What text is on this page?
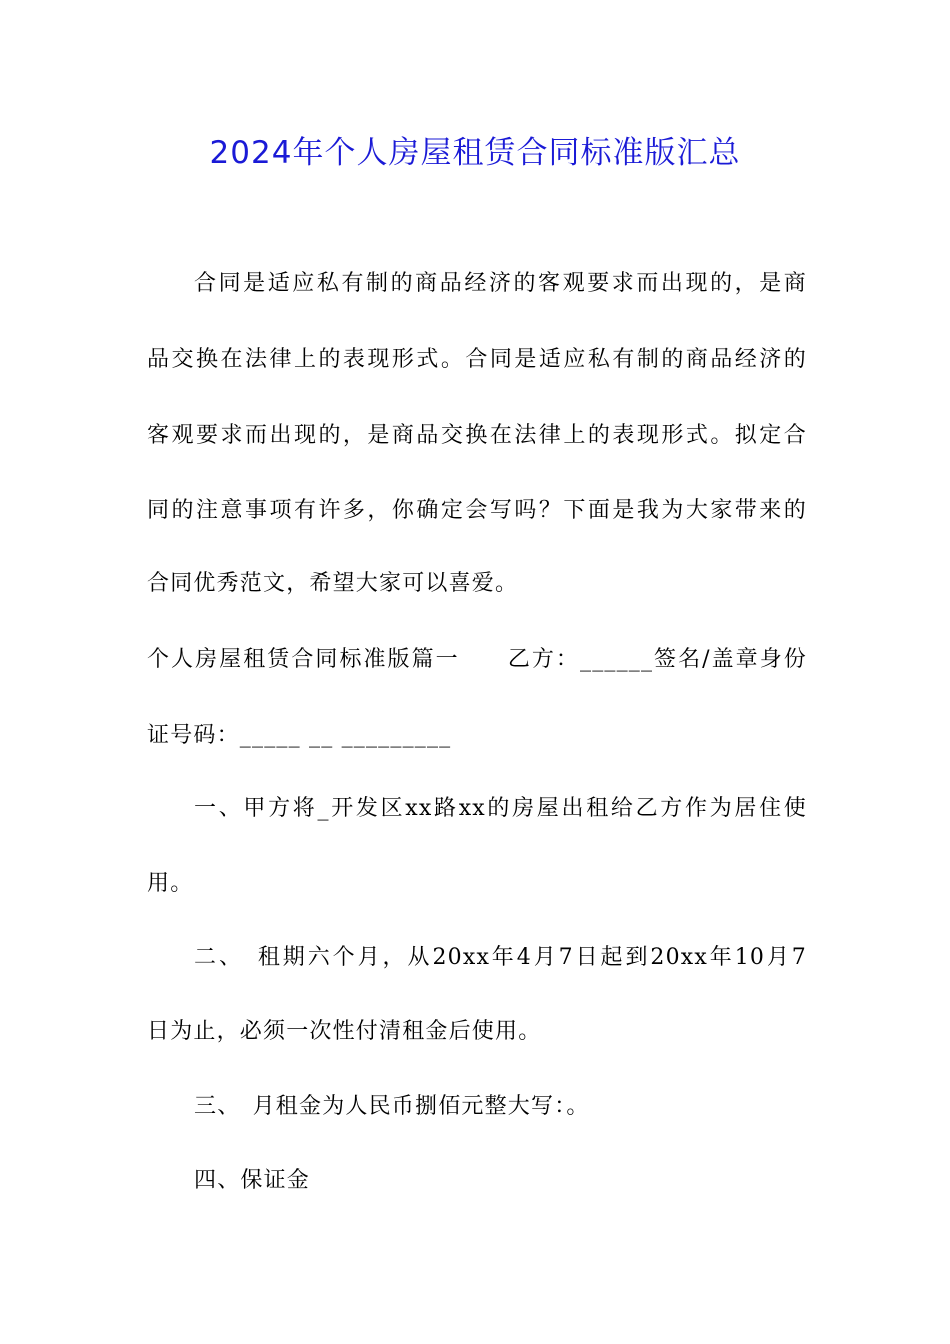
2024年个人房屋租赁合同标准版汇总
合同是适应私有制的商品经济的客观要求而出现的，是商
品交换在法律上的表现形式。合同是适应私有制的商品经济的
客观要求而出现的，是商品交换在法律上的表现形式。拟定合
同的注意事项有许多，你确定会写吗？下面是我为大家带来的
合同优秀范文，希望大家可以喜爱。
个人房屋租赁合同标准版篇一　　乙方：______签名/盖章身份
证号码：_____ __ _________
一、甲方将_开发区xx路xx的房屋出租给乙方作为居住使
用。
二、　租期六个月，从20xx年4月7日起到20xx年10月7
日为止，必须一次性付清租金后使用。
三、　月租金为人民币捌佰元整大写：。
四、保证金
